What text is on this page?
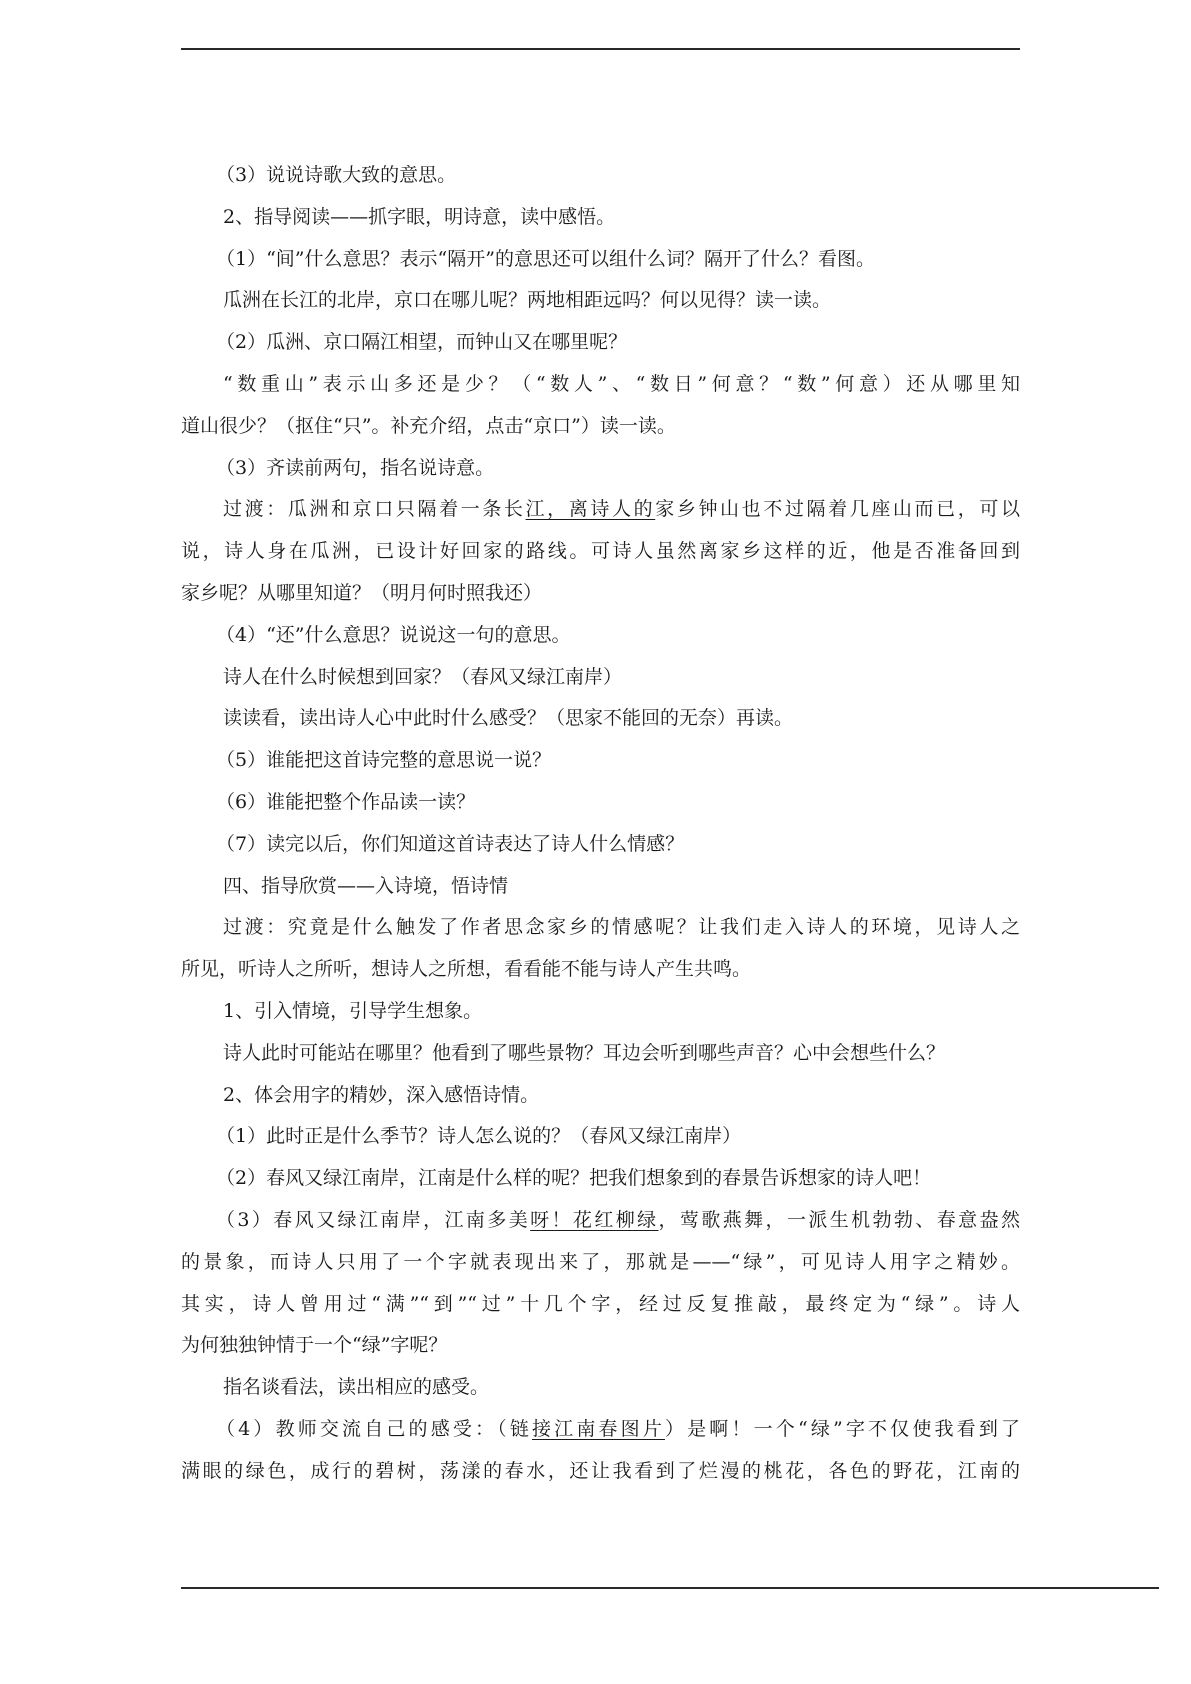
（3）说说诗歌大致的意思。
2、指导阅读——抓字眼，明诗意，读中感悟。
（1）“间”什么意思？表示“隔开”的意思还可以组什么词？隔开了什么？看图。
瓜洲在长江的北岸，京口在哪儿呢？两地相距远吗？何以见得？读一读。
（2）瓜洲、京口隔江相望，而钟山又在哪里呢？
“数重山”表示山多还是少？（“数人”、“数日”何意？“数”何意）还从哪里知
道山很少？（抠住“只”。补充介绍，点击“京口”）读一读。
（3）齐读前两句，指名说诗意。
过渡：瓜洲和京口只隔着一条长江，离诗人的家乡钟山也不过隔着几座山而已，可以
说，诗人身在瓜洲，已设计好回家的路线。可诗人虽然离家乡这样的近，他是否准备回到
家乡呢？从哪里知道？（明月何时照我还）
（4）“还”什么意思？说说这一句的意思。
诗人在什么时候想到回家？（春风又绿江南岸）
读读看，读出诗人心中此时什么感受？（思家不能回的无奈）再读。
（5）谁能把这首诗完整的意思说一说？
（6）谁能把整个作品读一读？
（7）读完以后，你们知道这首诗表达了诗人什么情感？
四、指导欣赏——入诗境，悟诗情
过渡：究竟是什么触发了作者思念家乡的情感呢？让我们走入诗人的环境，见诗人之
所见，听诗人之所听，想诗人之所想，看看能不能与诗人产生共鸣。
1、引入情境，引导学生想象。
诗人此时可能站在哪里？他看到了哪些景物？耳边会听到哪些声音？心中会想些什么？
2、体会用字的精妙，深入感悟诗情。
（1）此时正是什么季节？诗人怎么说的？（春风又绿江南岸）
（2）春风又绿江南岸，江南是什么样的呢？把我们想象到的春景告诉想家的诗人吧！
（3）春风又绿江南岸，江南多美呀！花红柳绿，莺歌燕舞，一派生机勃勃、春意盎然
的景象，而诗人只用了一个字就表现出来了，那就是——“绿”，可见诗人用字之精妙。
其实，诗人曾用过“满”“到”“过”十几个字，经过反复推敲，最终定为“绿”。诗人
为何独独钟情于一个“绿”字呢？
指名谈看法，读出相应的感受。
（4）教师交流自己的感受：（链接江南春图片）是啊！一个“绿”字不仅使我看到了
满眼的绿色，成行的碧树，荡漾的春水，还让我看到了烂漫的桃花，各色的野花，江南的
